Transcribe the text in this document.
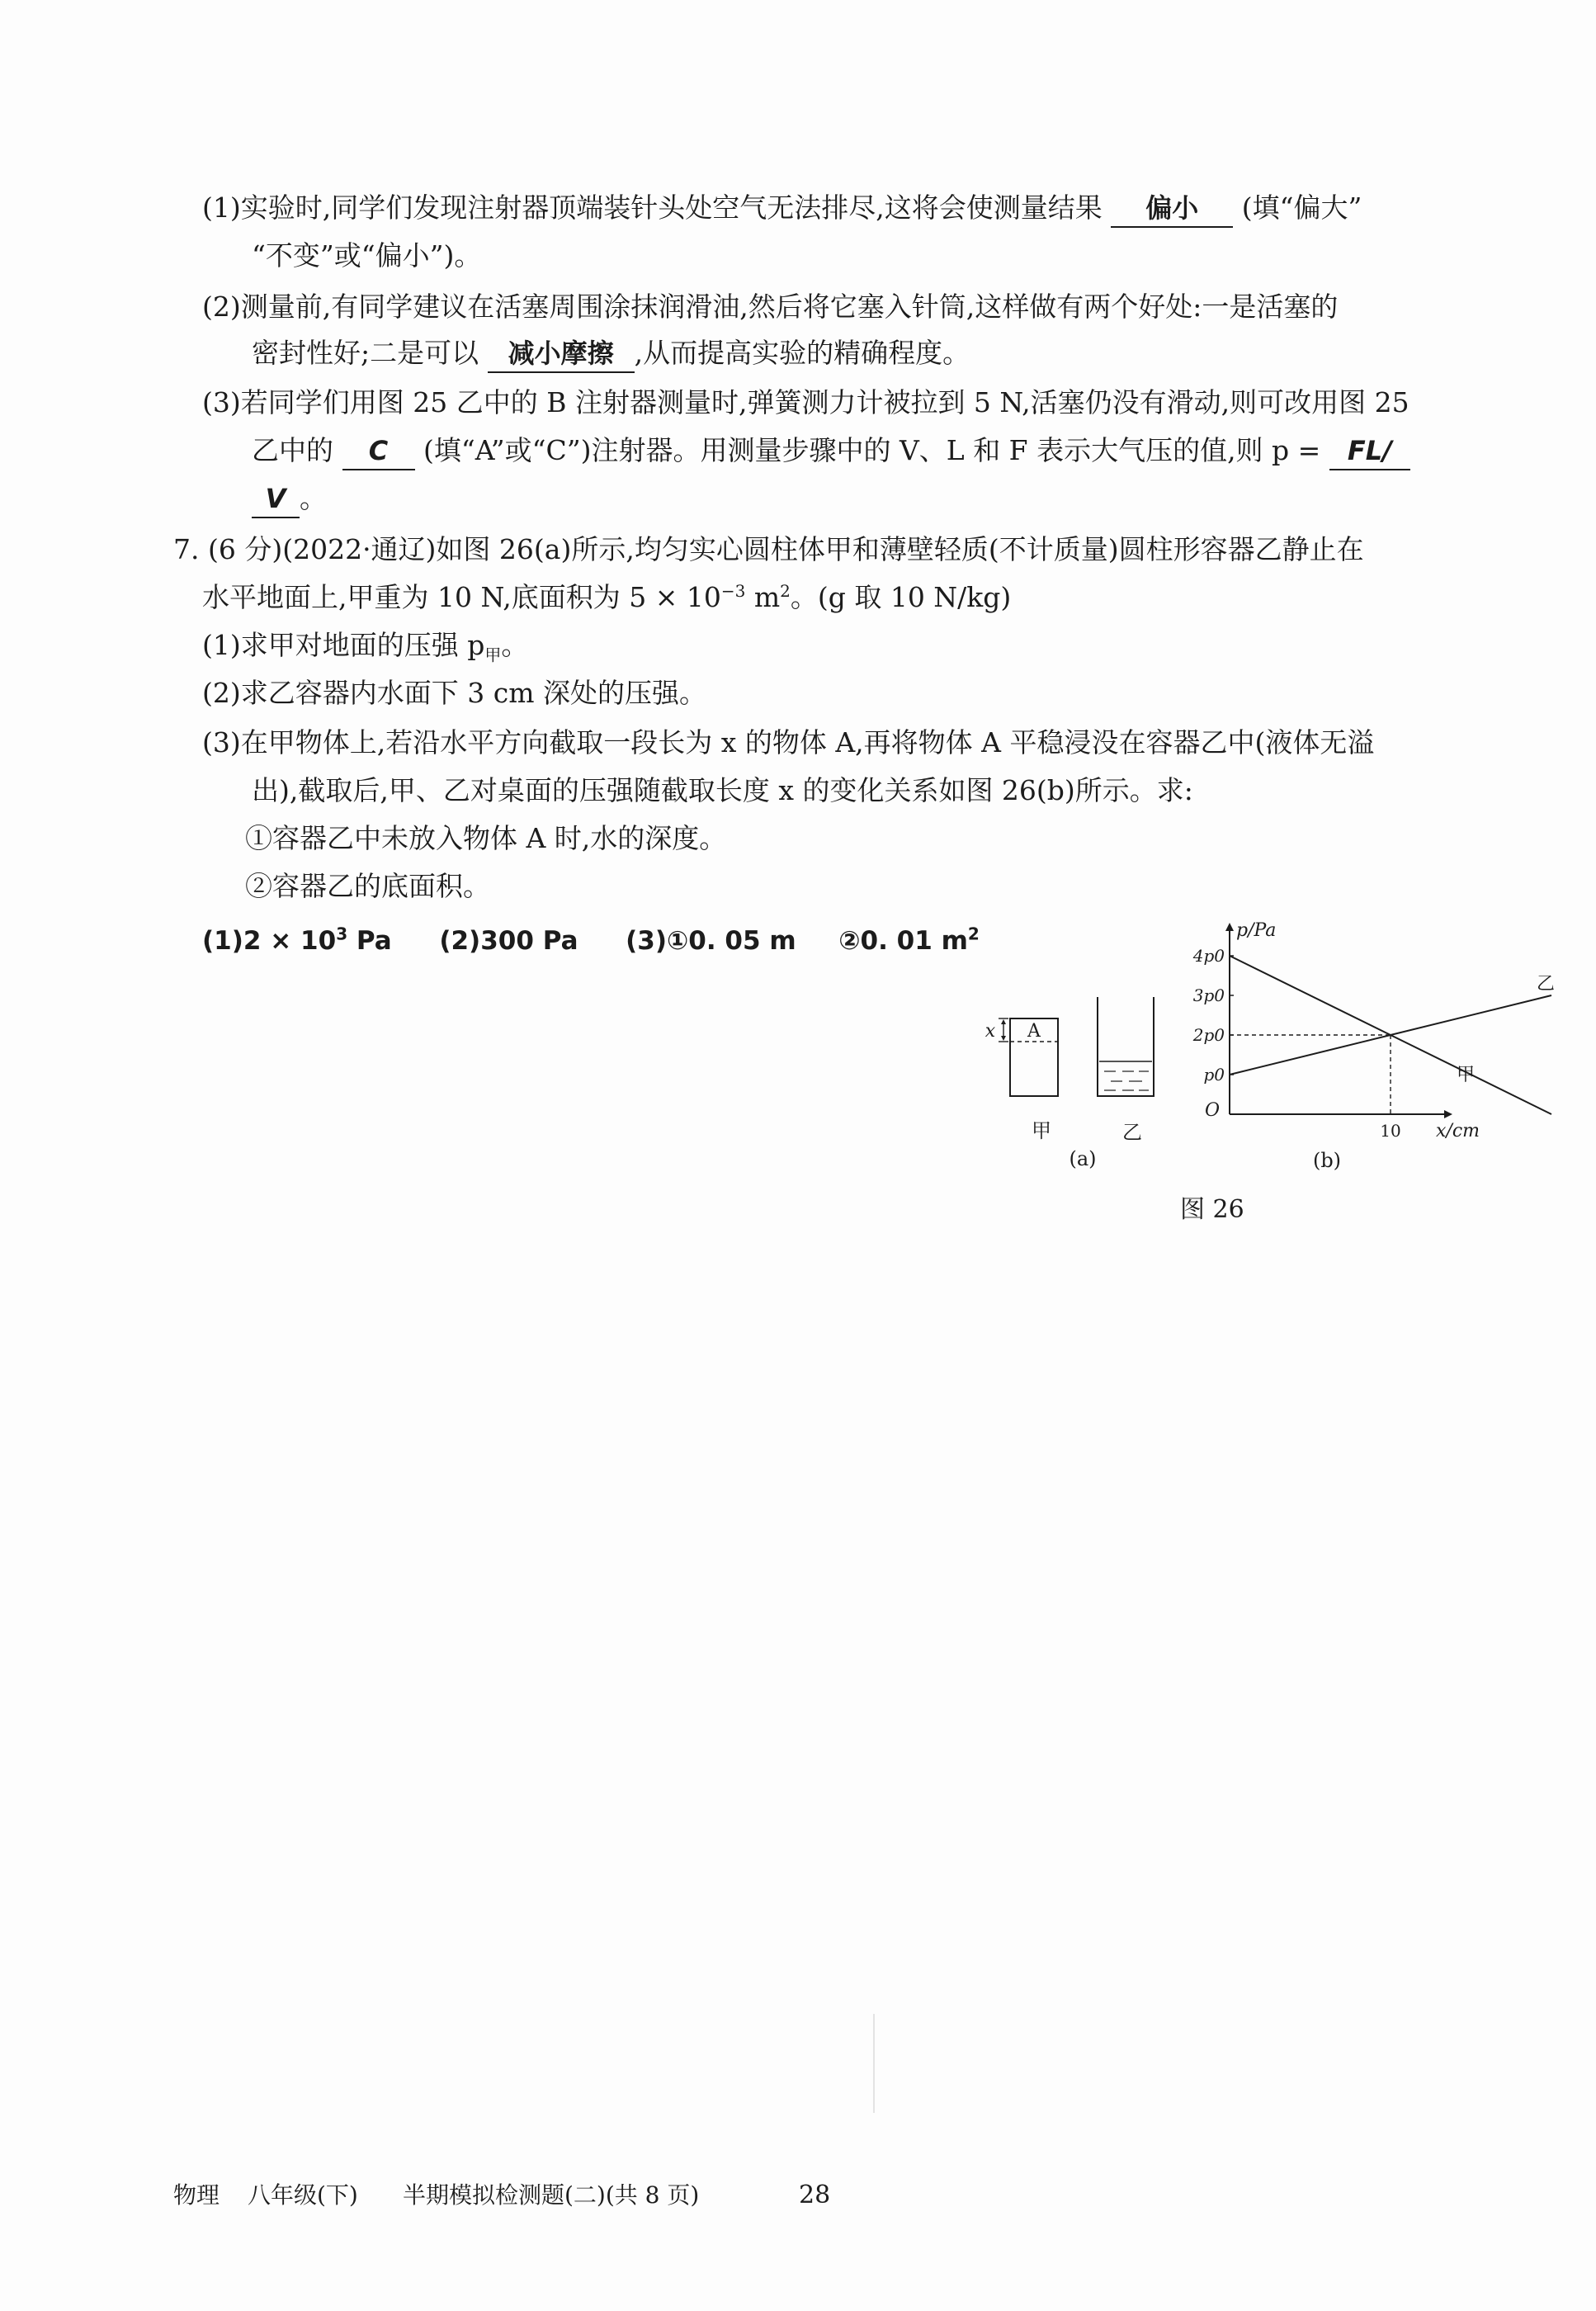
(1)实验时,同学们发现注射器顶端装针头处空气无法排尽,这将会使测量结果 偏小 (填“偏大”
“不变”或“偏小”)。
(2)测量前,有同学建议在活塞周围涂抹润滑油,然后将它塞入针筒,这样做有两个好处:一是活塞的
密封性好;二是可以 减小摩擦 ,从而提高实验的精确程度。
(3)若同学们用图 25 乙中的 B 注射器测量时,弹簧测力计被拉到 5 N,活塞仍没有滑动,则可改用图 25
乙中的 C (填“A”或“C”)注射器。用测量步骤中的 V、L 和 F 表示大气压的值,则 p = FL/
V 。
7. (6 分)(2022·通辽)如图 26(a)所示,均匀实心圆柱体甲和薄壁轻质(不计质量)圆柱形容器乙静止在
水平地面上,甲重为 10 N,底面积为 $5 \times 10^{-3}$ $m^2$。(g 取 10 N/kg)
(1)求甲对地面的压强 $p_甲$。
(2)求乙容器内水面下 3 cm 深处的压强。
(3)在甲物体上,若沿水平方向截取一段长为 x 的物体 A,再将物体 A 平稳浸没在容器乙中(液体无溢
出),截取后,甲、乙对桌面的压强随截取长度 x 的变化关系如图 26(b)所示。求:
①容器乙中未放入物体 A 时,水的深度。
②容器乙的底面积。
$(1)2 \times 10^3$ Pa (2)300 Pa (3)①0. 05 m ②0. 01 $m^2$
A
x
甲	乙
(a)
p/Pa
x/cm
O
p0
2p0
3p0
4p0
10
甲
乙
(b)
图 26
物理 八年级(下) 半期模拟检测题(二)(共 8 页)	28
